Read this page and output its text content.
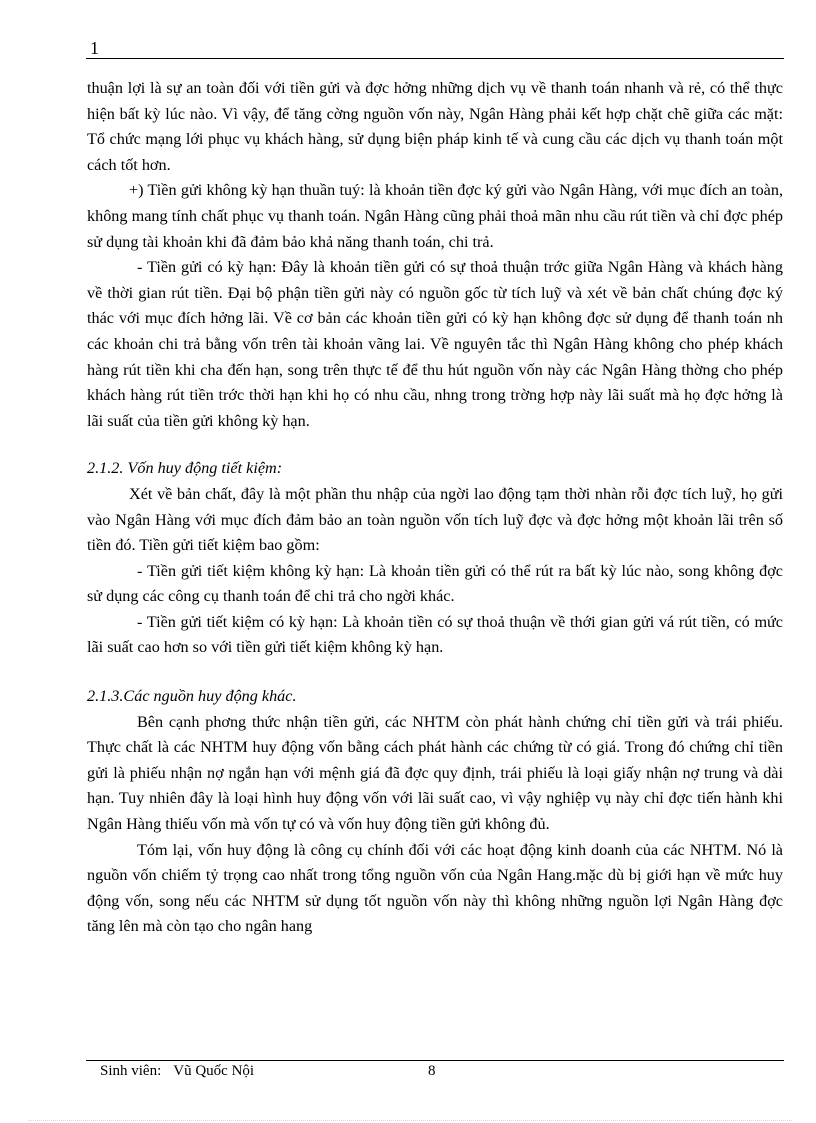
1

thuận lợi là sự an toàn đối với tiền gửi và đợc hởng những dịch vụ về thanh toán nhanh và rẻ, có thể thực hiện bất kỳ lúc nào. Vì vậy, để tăng cờng nguồn vốn này, Ngân Hàng phải kết hợp chặt chẽ giữa các mặt: Tổ chức mạng lới phục vụ khách hàng, sử dụng biện pháp kinh tế và cung cầu các dịch vụ thanh toán một cách tốt hơn.

+) Tiền gửi không kỳ hạn thuần tuý: là khoản tiền đợc ký gửi vào Ngân Hàng, với mục đích an toàn, không mang tính chất phục vụ thanh toán. Ngân Hàng cũng phải thoả mãn nhu cầu rút tiền và chỉ đợc phép sử dụng tài khoản khi đã đảm bảo khả năng thanh toán, chi trả.

- Tiền gửi có kỳ hạn: Đây là khoản tiền gửi có sự thoả thuận trớc giữa Ngân Hàng và khách hàng về thời gian rút tiền. Đại bộ phận tiền gửi này có nguồn gốc từ tích luỹ và xét về bản chất chúng đợc ký thác với mục đích hởng lãi. Về cơ bản các khoản tiền gửi có kỳ hạn không đợc sử dụng để thanh toán nh các khoản chi trả bằng vốn trên tài khoản vãng lai. Về nguyên tắc thì Ngân Hàng không cho phép khách hàng rút tiền khi cha đến hạn, song trên thực tế để thu hút nguồn vốn này các Ngân Hàng thờng cho phép khách hàng rút tiền trớc thời hạn khi họ có nhu cầu, nhng trong trờng hợp này lãi suất mà họ đợc hởng là lãi suất của tiền gửi không kỳ hạn.

2.1.2. Vốn huy động tiết kiệm:

Xét về bản chất, đây là một phần thu nhập của ngời lao động tạm thời nhàn rỗi đợc tích luỹ, họ gửi vào Ngân Hàng với mục đích đảm bảo an toàn nguồn vốn tích luỹ đợc và đợc hởng một khoản lãi trên số tiền đó. Tiền gửi tiết kiệm bao gồm:

- Tiền gửi tiết kiệm không kỳ hạn: Là khoản tiền gửi có thể rút ra bất kỳ lúc nào, song không đợc sử dụng các công cụ thanh toán để chi trả cho ngời khác.

- Tiền gửi tiết kiệm có kỳ hạn: Là khoản tiền có sự thoả thuận về thới gian gửi vá rút tiền, có mức lãi suất cao hơn so với tiền gửi tiết kiệm không kỳ hạn.

2.1.3.Các nguồn huy động khác.

Bên cạnh phơng thức nhận tiền gửi, các NHTM còn phát hành chứng chỉ tiền gửi và trái phiếu. Thực chất là các NHTM huy động vốn bằng cách phát hành các chứng từ có giá. Trong đó chứng chỉ tiền gửi là phiếu nhận nợ ngắn hạn với mệnh giá đã đợc quy định, trái phiếu là loại giấy nhận nợ trung và dài hạn. Tuy nhiên đây là loại hình huy động vốn với lãi suất cao, vì vậy nghiệp vụ này chỉ đợc tiến hành khi Ngân Hàng thiếu vốn mà vốn tự có và vốn huy động tiền gửi không đủ.

Tóm lại, vốn huy động là công cụ chính đối với các hoạt động kinh doanh của các NHTM. Nó là nguồn vốn chiếm tỷ trọng cao nhất trong tổng nguồn vốn của Ngân Hang.mặc dù bị giới hạn về mức huy động vốn, song nếu các NHTM sử dụng tốt nguồn vốn này thì không những nguồn lợi Ngân Hàng đợc tăng lên mà còn tạo cho ngân hang

Sinh viên: Vũ Quốc Nội	8
